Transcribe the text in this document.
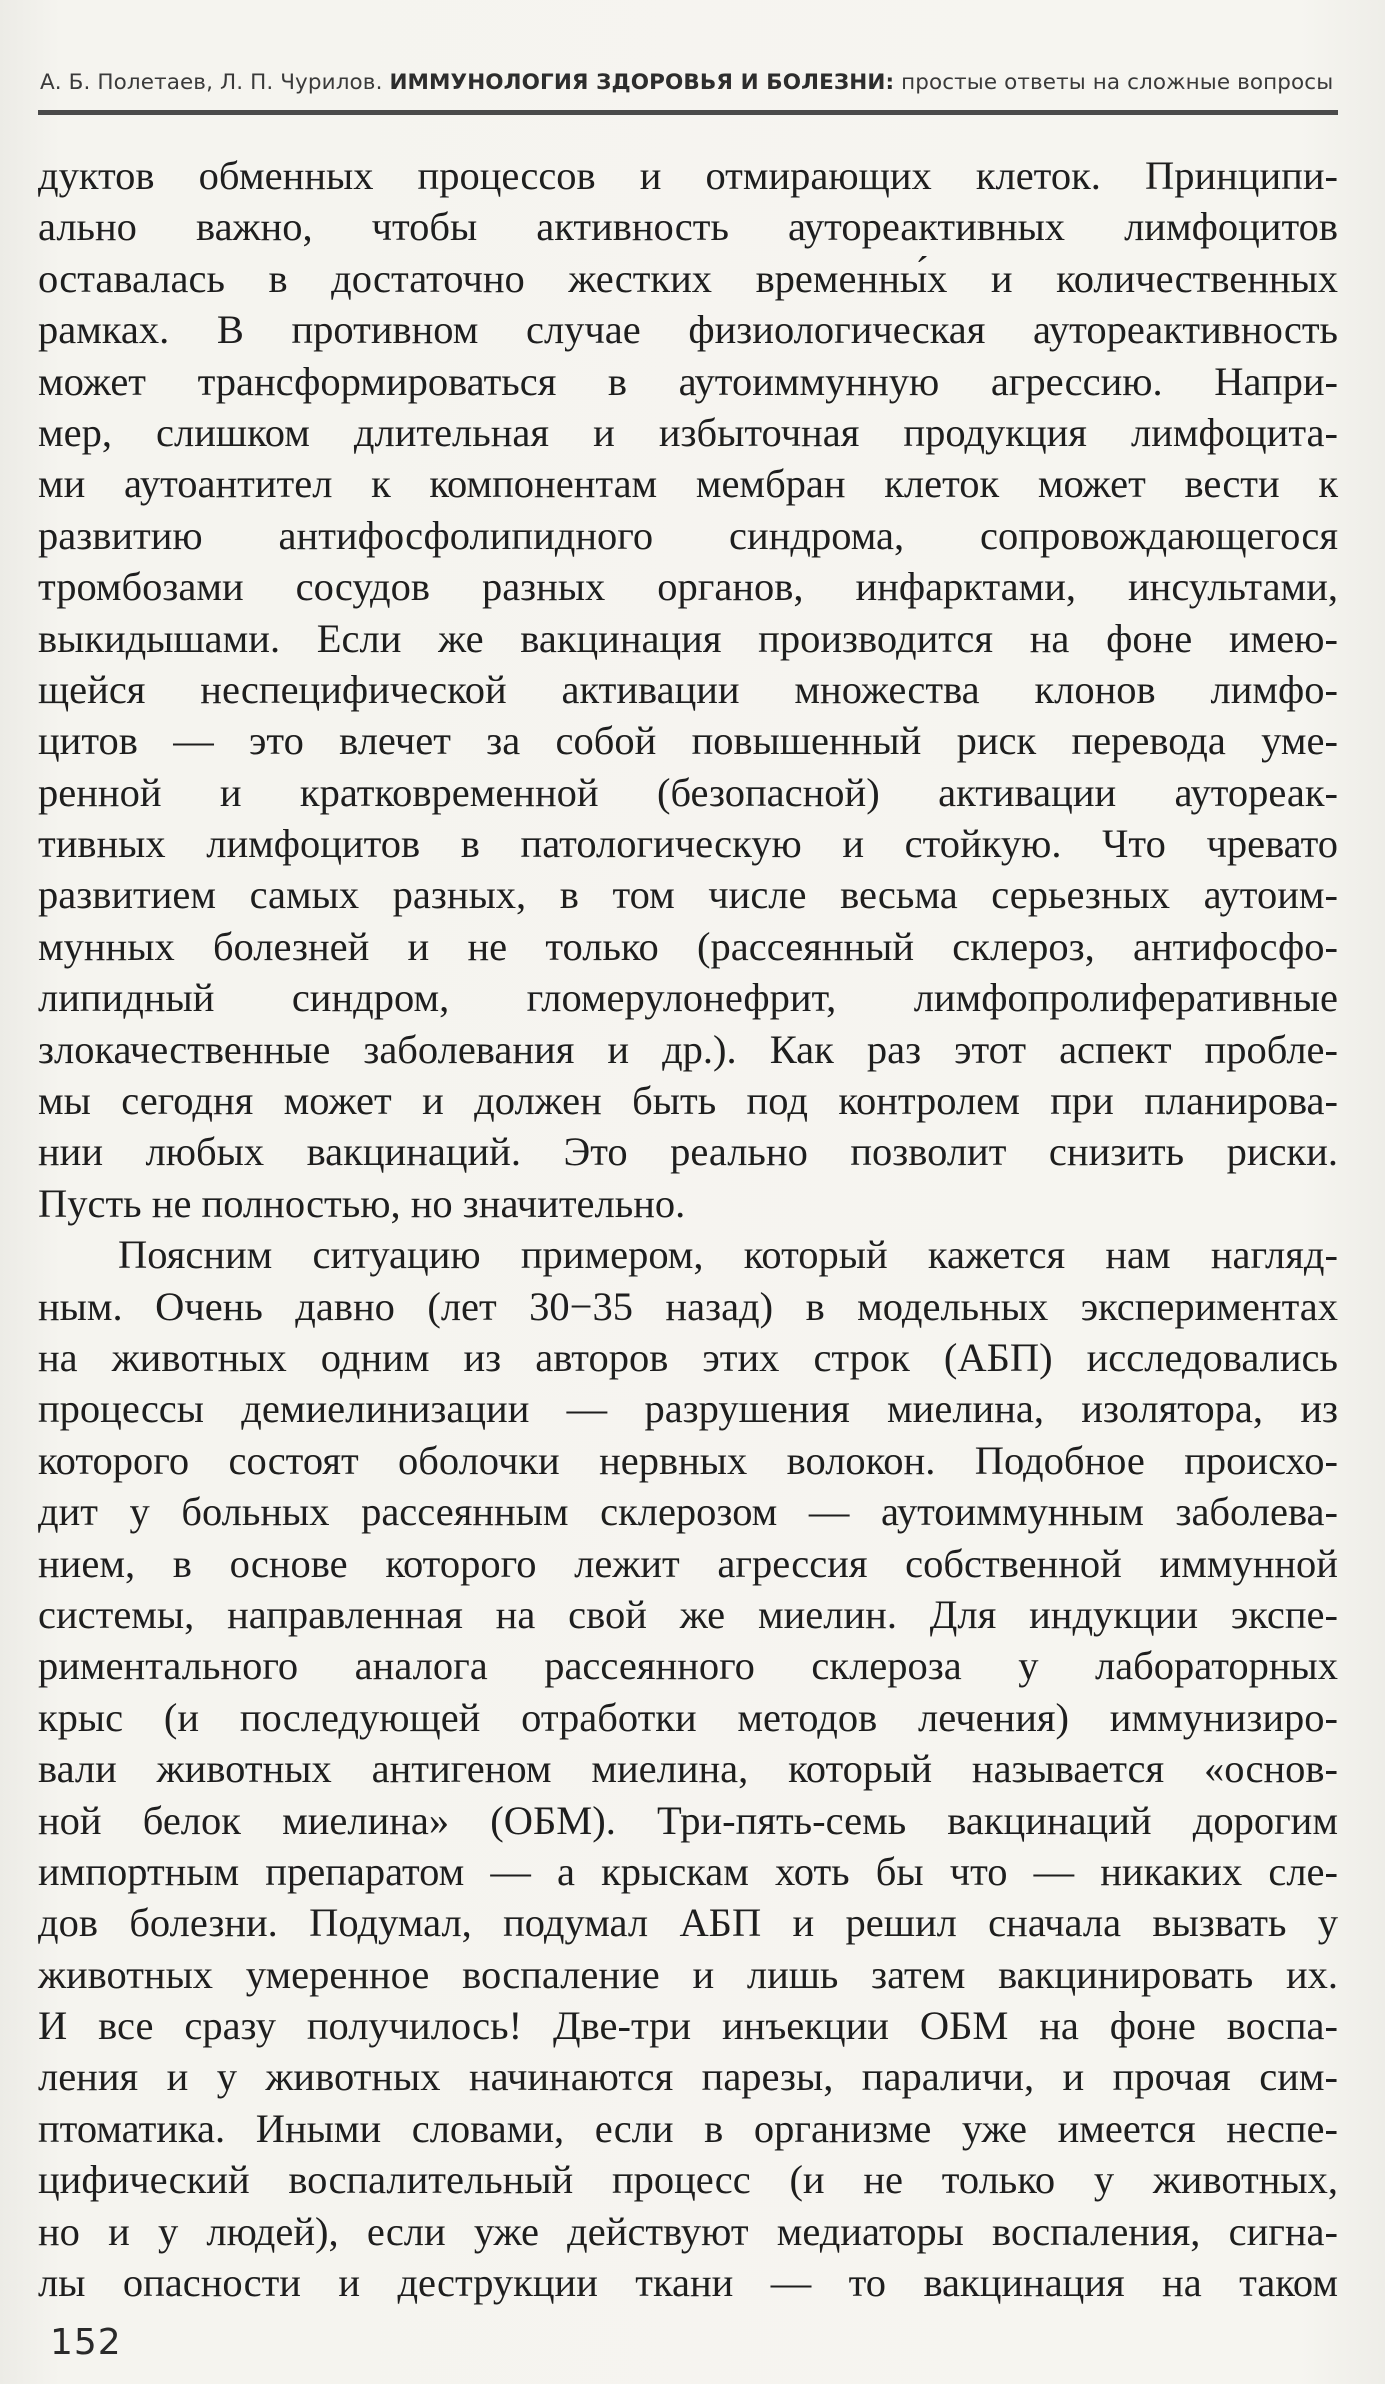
А. Б. Полетаев, Л. П. Чурилов. ИММУНОЛОГИЯ ЗДОРОВЬЯ И БОЛЕЗНИ: простые ответы на сложные вопросы
дуктов обменных процессов и отмирающих клеток. Принципи-
ально важно, чтобы активность аутореактивных лимфоцитов
оставалась в достаточно жестких временны́х и количественных
рамках. В противном случае физиологическая аутореактивность
может трансформироваться в аутоиммунную агрессию. Напри-
мер, слишком длительная и избыточная продукция лимфоцита-
ми аутоантител к компонентам мембран клеток может вести к
развитию антифосфолипидного синдрома, сопровождающегося
тромбозами сосудов разных органов, инфарктами, инсультами,
выкидышами. Если же вакцинация производится на фоне имею-
щейся неспецифической активации множества клонов лимфо-
цитов — это влечет за собой повышенный риск перевода уме-
ренной и кратковременной (безопасной) активации аутореак-
тивных лимфоцитов в патологическую и стойкую. Что чревато
развитием самых разных, в том числе весьма серьезных аутоим-
мунных болезней и не только (рассеянный склероз, антифосфо-
липидный синдром, гломерулонефрит, лимфопролиферативные
злокачественные заболевания и др.). Как раз этот аспект пробле-
мы сегодня может и должен быть под контролем при планирова-
нии любых вакцинаций. Это реально позволит снизить риски.
Пусть не полностью, но значительно.
Поясним ситуацию примером, который кажется нам нагляд-
ным. Очень давно (лет 30−35 назад) в модельных экспериментах
на животных одним из авторов этих строк (АБП) исследовались
процессы демиелинизации — разрушения миелина, изолятора, из
которого состоят оболочки нервных волокон. Подобное происхо-
дит у больных рассеянным склерозом — аутоиммунным заболева-
нием, в основе которого лежит агрессия собственной иммунной
системы, направленная на свой же миелин. Для индукции экспе-
риментального аналога рассеянного склероза у лабораторных
крыс (и последующей отработки методов лечения) иммунизиро-
вали животных антигеном миелина, который называется «основ-
ной белок миелина» (ОБМ). Три-пять-семь вакцинаций дорогим
импортным препаратом — а крыскам хоть бы что — никаких сле-
дов болезни. Подумал, подумал АБП и решил сначала вызвать у
животных умеренное воспаление и лишь затем вакцинировать их.
И все сразу получилось! Две-три инъекции ОБМ на фоне воспа-
ления и у животных начинаются парезы, параличи, и прочая сим-
птоматика. Иными словами, если в организме уже имеется неспе-
цифический воспалительный процесс (и не только у животных,
но и у людей), если уже действуют медиаторы воспаления, сигна-
лы опасности и деструкции ткани — то вакцинация на таком
152
